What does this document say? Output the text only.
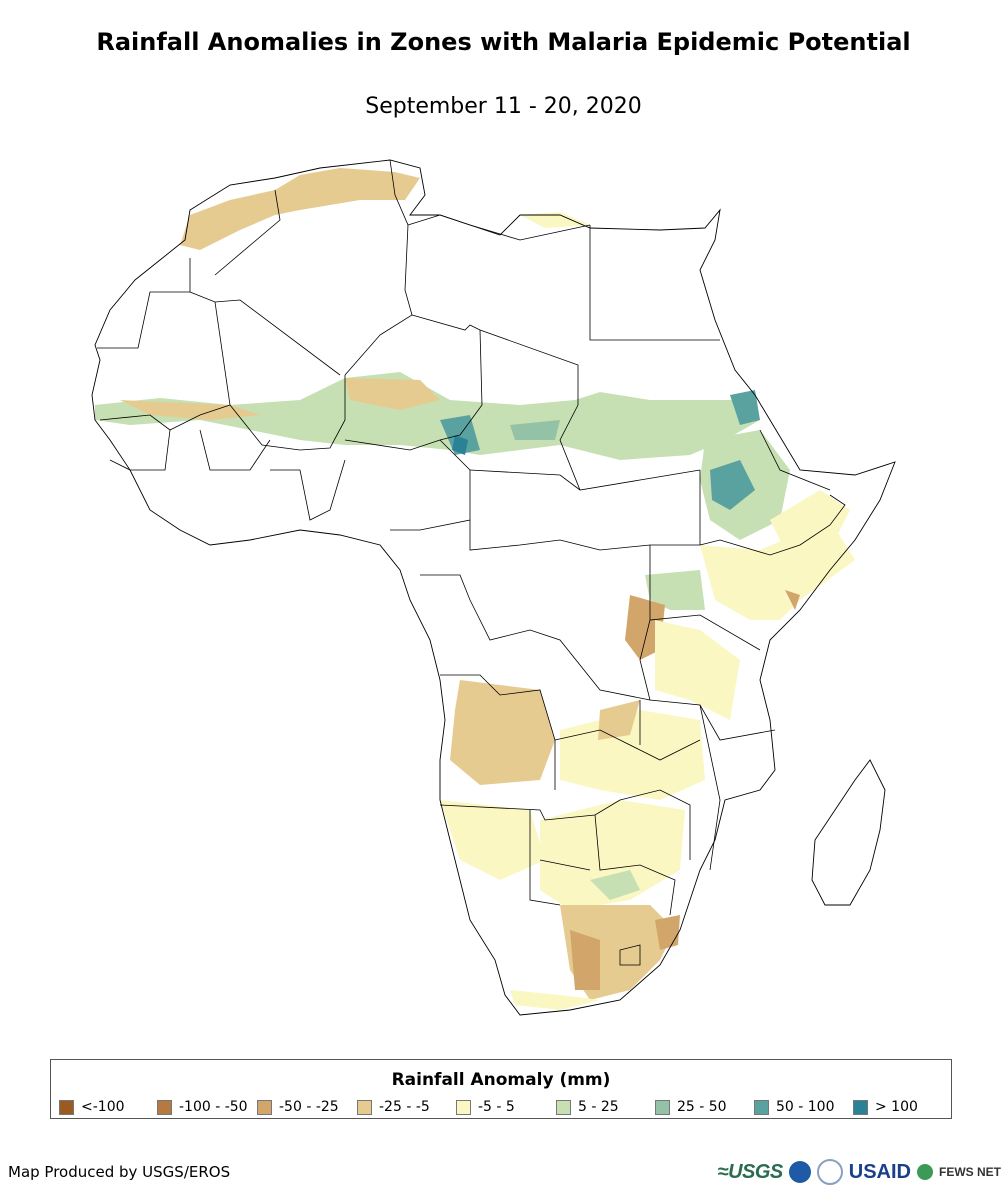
Rainfall Anomalies in Zones with Malaria Epidemic Potential
September 11 - 20, 2020
Rainfall Anomaly (mm)
<-100	-100 - -50 -50 - -25	-25 - -5	-5 - 5	5 - 25	25 - 50	50 - 100	> 100
Map Produced by USGS/EROS	≈USGS	USAID FEWS NET
